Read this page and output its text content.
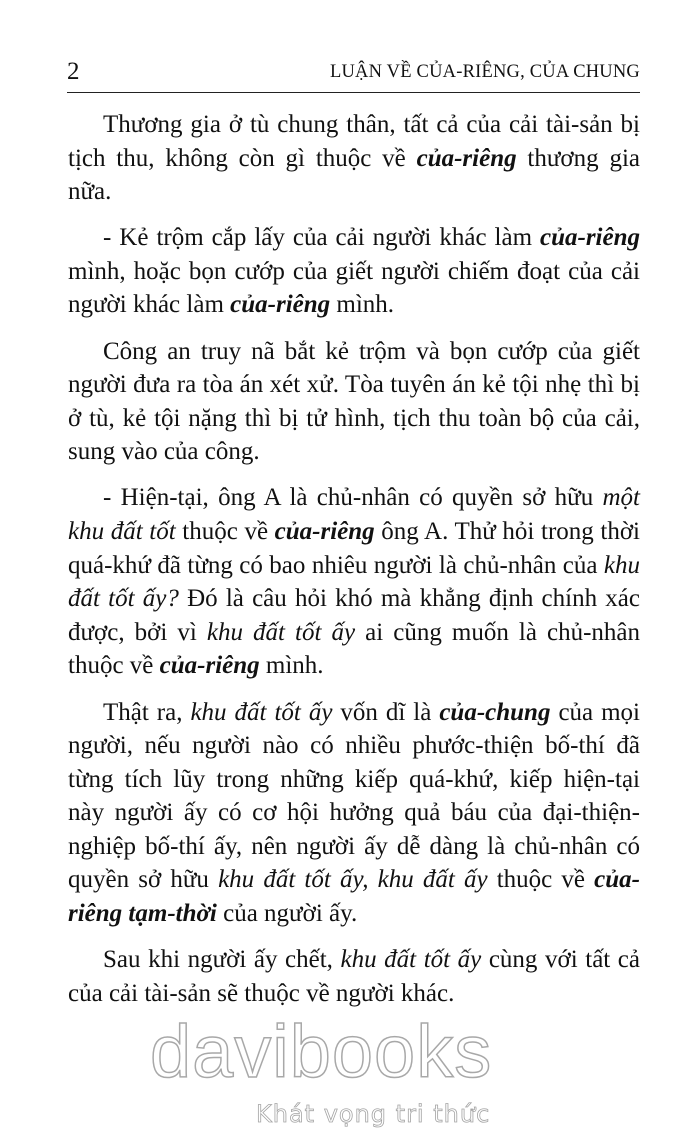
2	LUẬN VỀ CỦA-RIÊNG, CỦA CHUNG

Thương gia ở tù chung thân, tất cả của cải tài-sản bị tịch thu, không còn gì thuộc về của-riêng thương gia nữa.

- Kẻ trộm cắp lấy của cải người khác làm của-riêng mình, hoặc bọn cướp của giết người chiếm đoạt của cải người khác làm của-riêng mình.

Công an truy nã bắt kẻ trộm và bọn cướp của giết người đưa ra tòa án xét xử. Tòa tuyên án kẻ tội nhẹ thì bị ở tù, kẻ tội nặng thì bị tử hình, tịch thu toàn bộ của cải, sung vào của công.

- Hiện-tại, ông A là chủ-nhân có quyền sở hữu một khu đất tốt thuộc về của-riêng ông A. Thử hỏi trong thời quá-khứ đã từng có bao nhiêu người là chủ-nhân của khu đất tốt ấy? Đó là câu hỏi khó mà khẳng định chính xác được, bởi vì khu đất tốt ấy ai cũng muốn là chủ-nhân thuộc về của-riêng mình.

Thật ra, khu đất tốt ấy vốn dĩ là của-chung của mọi người, nếu người nào có nhiều phước-thiện bố-thí đã từng tích lũy trong những kiếp quá-khứ, kiếp hiện-tại này người ấy có cơ hội hưởng quả báu của đại-thiện-nghiệp bố-thí ấy, nên người ấy dễ dàng là chủ-nhân có quyền sở hữu khu đất tốt ấy, khu đất ấy thuộc về của-riêng tạm-thời của người ấy.

Sau khi người ấy chết, khu đất tốt ấy cùng với tất cả của cải tài-sản sẽ thuộc về người khác.

davibooks
Khát vọng tri thức
